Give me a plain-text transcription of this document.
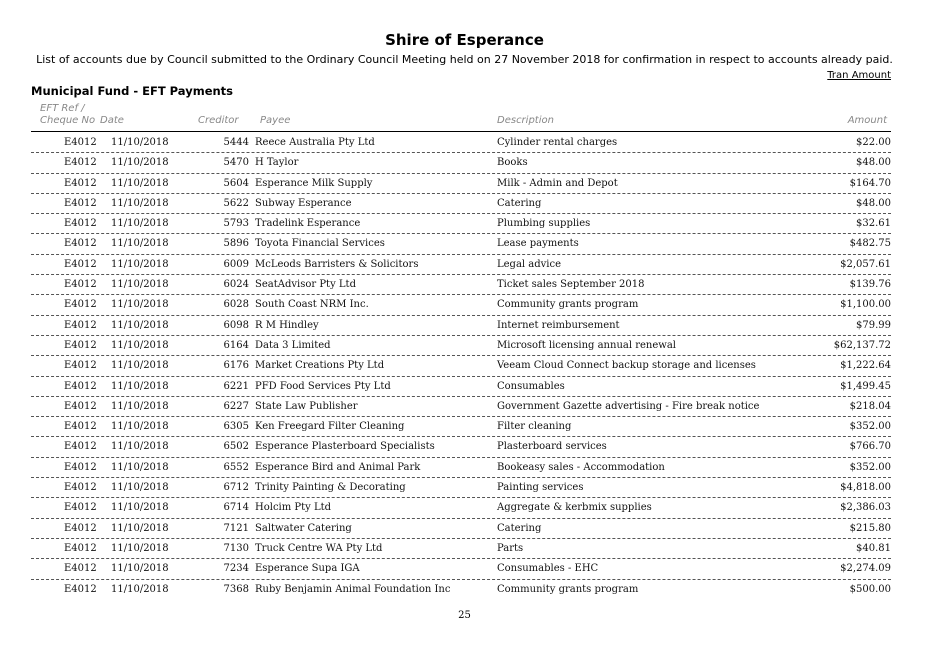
Shire of Esperance
List of accounts due by Council submitted to the Ordinary Council Meeting held on 27 November 2018 for confirmation in respect to accounts already paid.
Tran Amount
Municipal Fund - EFT Payments
EFT Ref /
Cheque No Date	Creditor Payee	Description	Amount
E4012 11/10/2018	5444 Reece Australia Pty Ltd	Cylinder rental charges	$22.00
E4012 11/10/2018	5470 H Taylor	Books	$48.00
E4012 11/10/2018	5604 Esperance Milk Supply	Milk - Admin and Depot	$164.70
E4012 11/10/2018	5622 Subway Esperance	Catering	$48.00
E4012 11/10/2018	5793 Tradelink Esperance	Plumbing supplies	$32.61
E4012 11/10/2018	5896 Toyota Financial Services	Lease payments	$482.75
E4012 11/10/2018	6009 McLeods Barristers & Solicitors	Legal advice	$2,057.61
E4012 11/10/2018	6024 SeatAdvisor Pty Ltd	Ticket sales September 2018	$139.76
E4012 11/10/2018	6028 South Coast NRM Inc.	Community grants program	$1,100.00
E4012 11/10/2018	6098 R M Hindley	Internet reimbursement	$79.99
E4012 11/10/2018	6164 Data 3 Limited	Microsoft licensing annual renewal	$62,137.72
E4012 11/10/2018	6176 Market Creations Pty Ltd	Veeam Cloud Connect backup storage and licenses	$1,222.64
E4012 11/10/2018	6221 PFD Food Services Pty Ltd	Consumables	$1,499.45
E4012 11/10/2018	6227 State Law Publisher	Government Gazette advertising - Fire break notice	$218.04
E4012 11/10/2018	6305 Ken Freegard Filter Cleaning	Filter cleaning	$352.00
E4012 11/10/2018	6502 Esperance Plasterboard Specialists	Plasterboard services	$766.70
E4012 11/10/2018	6552 Esperance Bird and Animal Park	Bookeasy sales - Accommodation	$352.00
E4012 11/10/2018	6712 Trinity Painting & Decorating	Painting services	$4,818.00
E4012 11/10/2018	6714 Holcim Pty Ltd	Aggregate & kerbmix supplies	$2,386.03
E4012 11/10/2018	7121 Saltwater Catering	Catering	$215.80
E4012 11/10/2018	7130 Truck Centre WA Pty Ltd	Parts	$40.81
E4012 11/10/2018	7234 Esperance Supa IGA	Consumables - EHC	$2,274.09
E4012 11/10/2018	7368 Ruby Benjamin Animal Foundation Inc	Community grants program	$500.00
25
